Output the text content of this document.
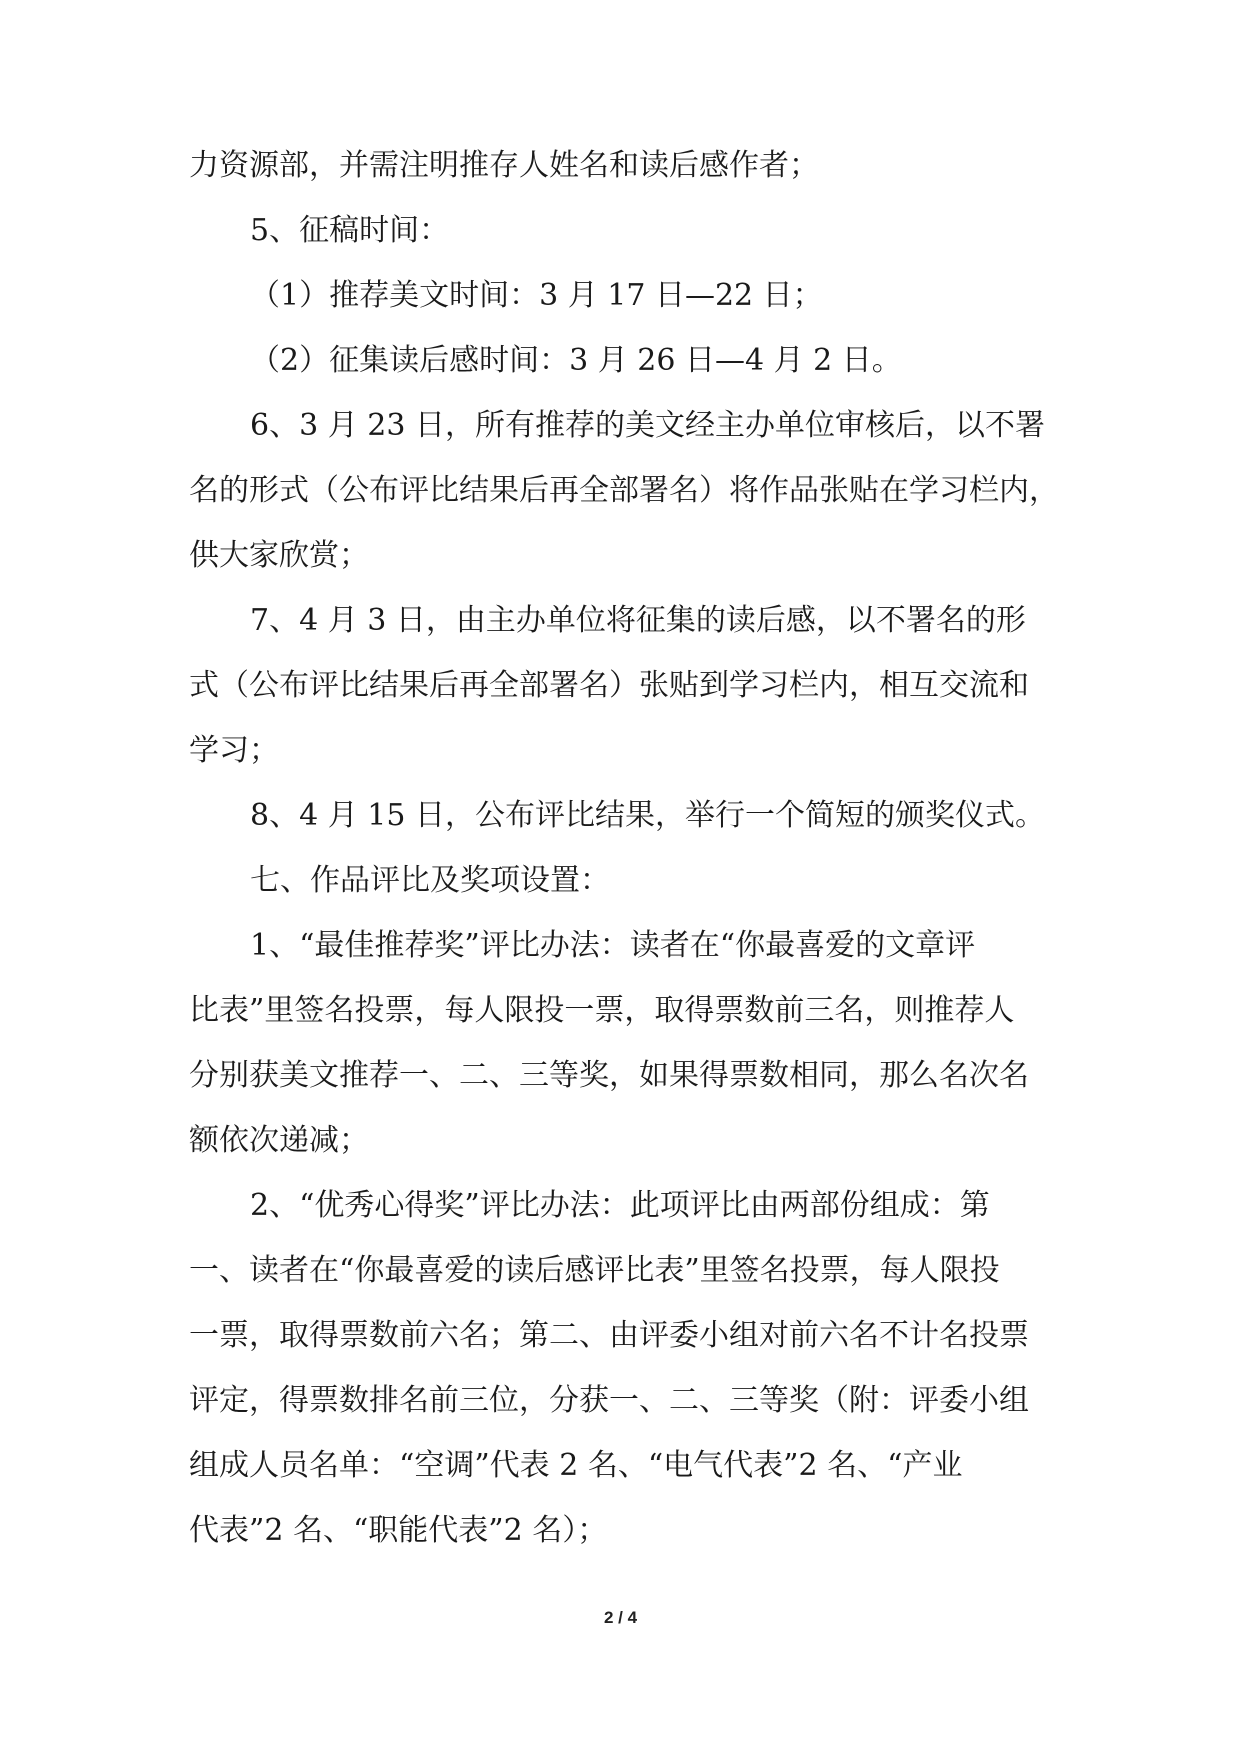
力资源部，并需注明推存人姓名和读后感作者；

5、征稿时间：

（1）推荐美文时间：3 月 17 日—22 日；

（2）征集读后感时间：3 月 26 日—4 月 2 日。

6、3 月 23 日，所有推荐的美文经主办单位审核后，以不署

名的形式（公布评比结果后再全部署名）将作品张贴在学习栏内，

供大家欣赏；

7、4 月 3 日，由主办单位将征集的读后感，以不署名的形

式（公布评比结果后再全部署名）张贴到学习栏内，相互交流和

学习；

8、4 月 15 日，公布评比结果，举行一个简短的颁奖仪式。

七、作品评比及奖项设置：

1、“最佳推荐奖”评比办法：读者在“你最喜爱的文章评

比表”里签名投票，每人限投一票，取得票数前三名，则推荐人

分别获美文推荐一、二、三等奖，如果得票数相同，那么名次名

额依次递减；

2、“优秀心得奖”评比办法：此项评比由两部份组成：第

一、读者在“你最喜爱的读后感评比表”里签名投票，每人限投

一票，取得票数前六名；第二、由评委小组对前六名不计名投票

评定，得票数排名前三位，分获一、二、三等奖（附：评委小组

组成人员名单：“空调”代表 2 名、“电气代表”2 名、“产业

代表”2 名、“职能代表”2 名）；

2 / 4
